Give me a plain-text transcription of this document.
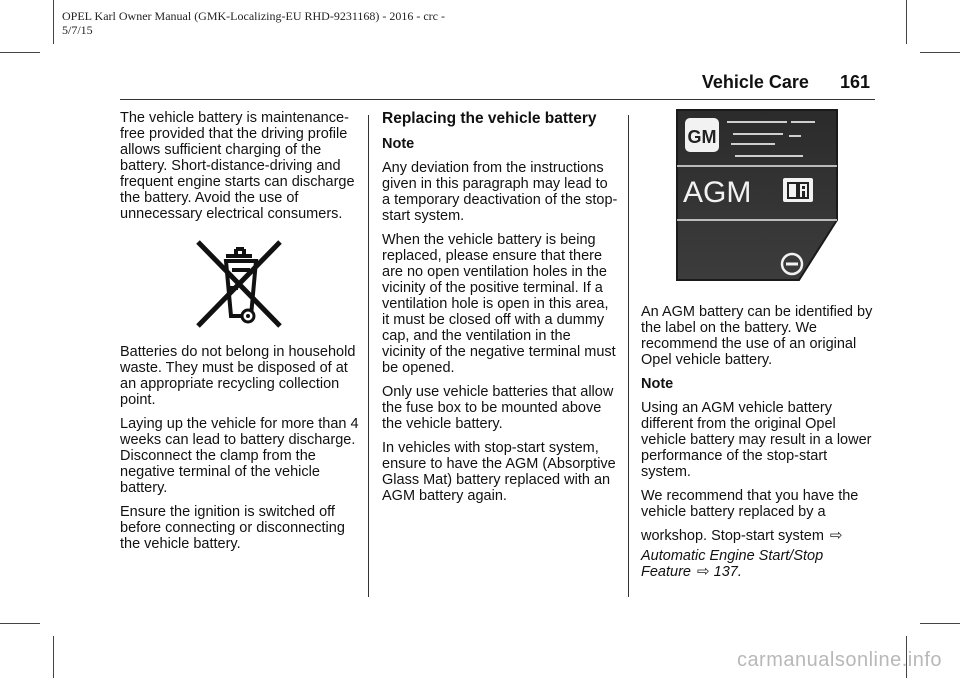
OPEL Karl Owner Manual (GMK-Localizing-EU RHD-9231168) - 2016 - crc -
5/7/15
Vehicle Care 161

The vehicle battery is maintenance-free provided that the driving profile allows sufficient charging of the battery. Short-distance-driving and frequent engine starts can discharge the battery. Avoid the use of unnecessary electrical consumers.

Batteries do not belong in household waste. They must be disposed of at an appropriate recycling collection point.

Laying up the vehicle for more than 4 weeks can lead to battery discharge. Disconnect the clamp from the negative terminal of the vehicle battery.

Ensure the ignition is switched off before connecting or disconnecting the vehicle battery.

Replacing the vehicle battery

Note

Any deviation from the instructions given in this paragraph may lead to a temporary deactivation of the stop-start system.

When the vehicle battery is being replaced, please ensure that there are no open ventilation holes in the vicinity of the positive terminal. If a ventilation hole is open in this area, it must be closed off with a dummy cap, and the ventilation in the vicinity of the negative terminal must be opened.

Only use vehicle batteries that allow the fuse box to be mounted above the vehicle battery.

In vehicles with stop-start system, ensure to have the AGM (Absorptive Glass Mat) battery replaced with an AGM battery again.

GM
AGM

An AGM battery can be identified by the label on the battery. We recommend the use of an original Opel vehicle battery.

Note

Using an AGM vehicle battery different from the original Opel vehicle battery may result in a lower performance of the stop-start system.

We recommend that you have the vehicle battery replaced by a
workshop. Stop-start system ⇨
Automatic Engine Start/Stop
Feature ⇨ 137.

carmanualsonline.info
